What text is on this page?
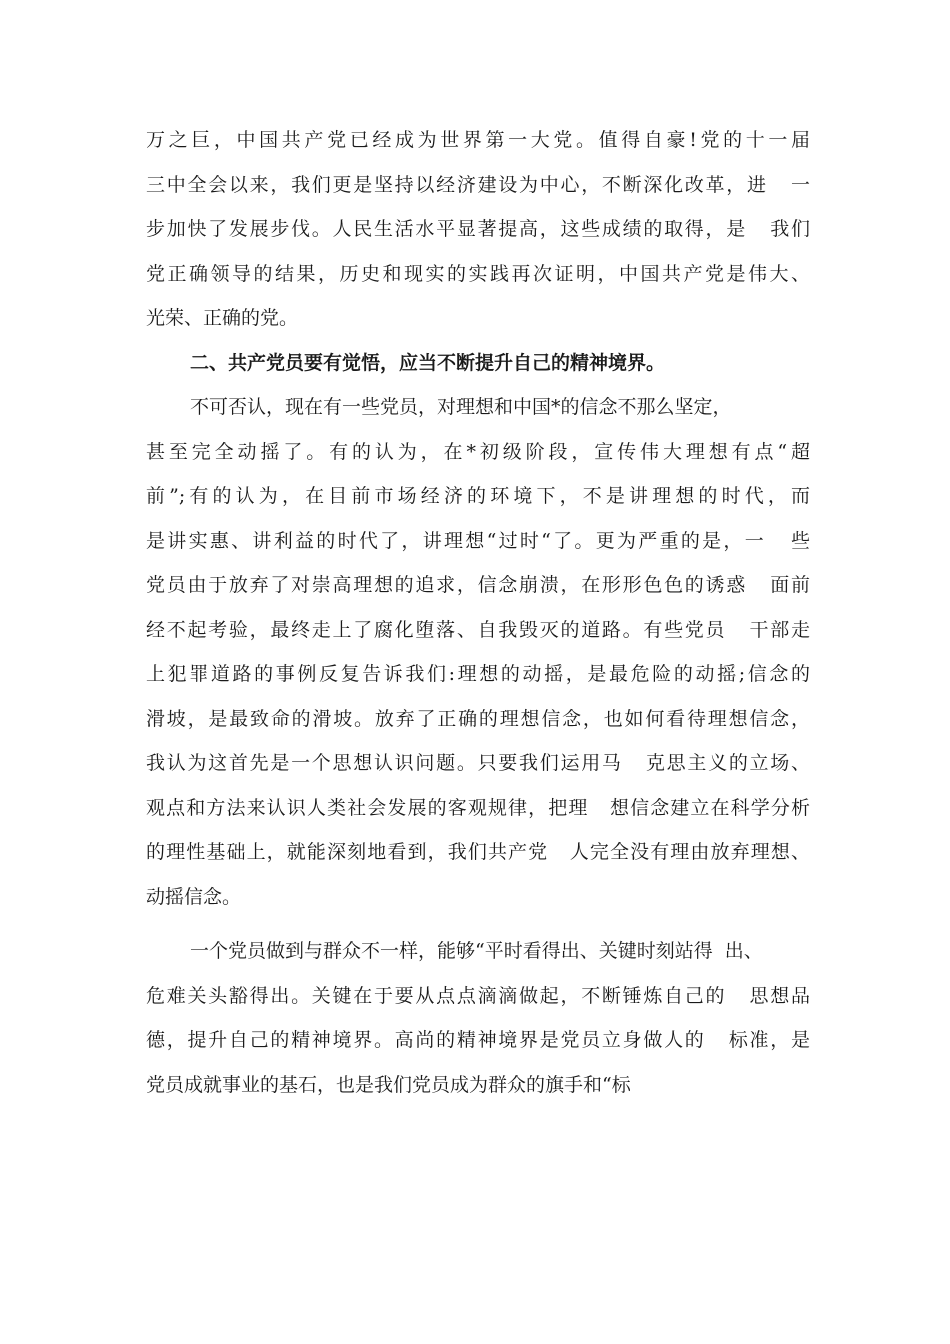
万之巨，中国共产党已经成为世界第一大党。值得自豪!党的十一届
三中全会以来，我们更是坚持以经济建设为中心，不断深化改革，进   一
步加快了发展步伐。人民生活水平显著提高，这些成绩的取得，是   我们
党正确领导的结果，历史和现实的实践再次证明，中国共产党是伟大、
光荣、正确的党。
二、共产党员要有觉悟，应当不断提升自己的精神境界。
不可否认，现在有一些党员，对理想和中国*的信念不那么坚定，
甚至完全动摇了。有的认为，在*初级阶段，宣传伟大理想有点“超
前”;有的认为，在目前市场经济的环境下，不是讲理想的时代，而
是讲实惠、讲利益的时代了，讲理想“过时“了。更为严重的是，一   些
党员由于放弃了对崇高理想的追求，信念崩溃，在形形色色的诱惑   面前
经不起考验，最终走上了腐化堕落、自我毁灭的道路。有些党员   干部走
上犯罪道路的事例反复告诉我们:理想的动摇，是最危险的动摇;信念的
滑坡，是最致命的滑坡。放弃了正确的理想信念，也如何看待理想信念，
我认为这首先是一个思想认识问题。只要我们运用马   克思主义的立场、
观点和方法来认识人类社会发展的客观规律，把理   想信念建立在科学分析
的理性基础上，就能深刻地看到，我们共产党   人完全没有理由放弃理想、
动摇信念。
一个党员做到与群众不一样，能够“平时看得出、关键时刻站得  出、
危难关头豁得出。关键在于要从点点滴滴做起，不断锤炼自己的   思想品
德，提升自己的精神境界。高尚的精神境界是党员立身做人的   标准，是
党员成就事业的基石，也是我们党员成为群众的旗手和“标
